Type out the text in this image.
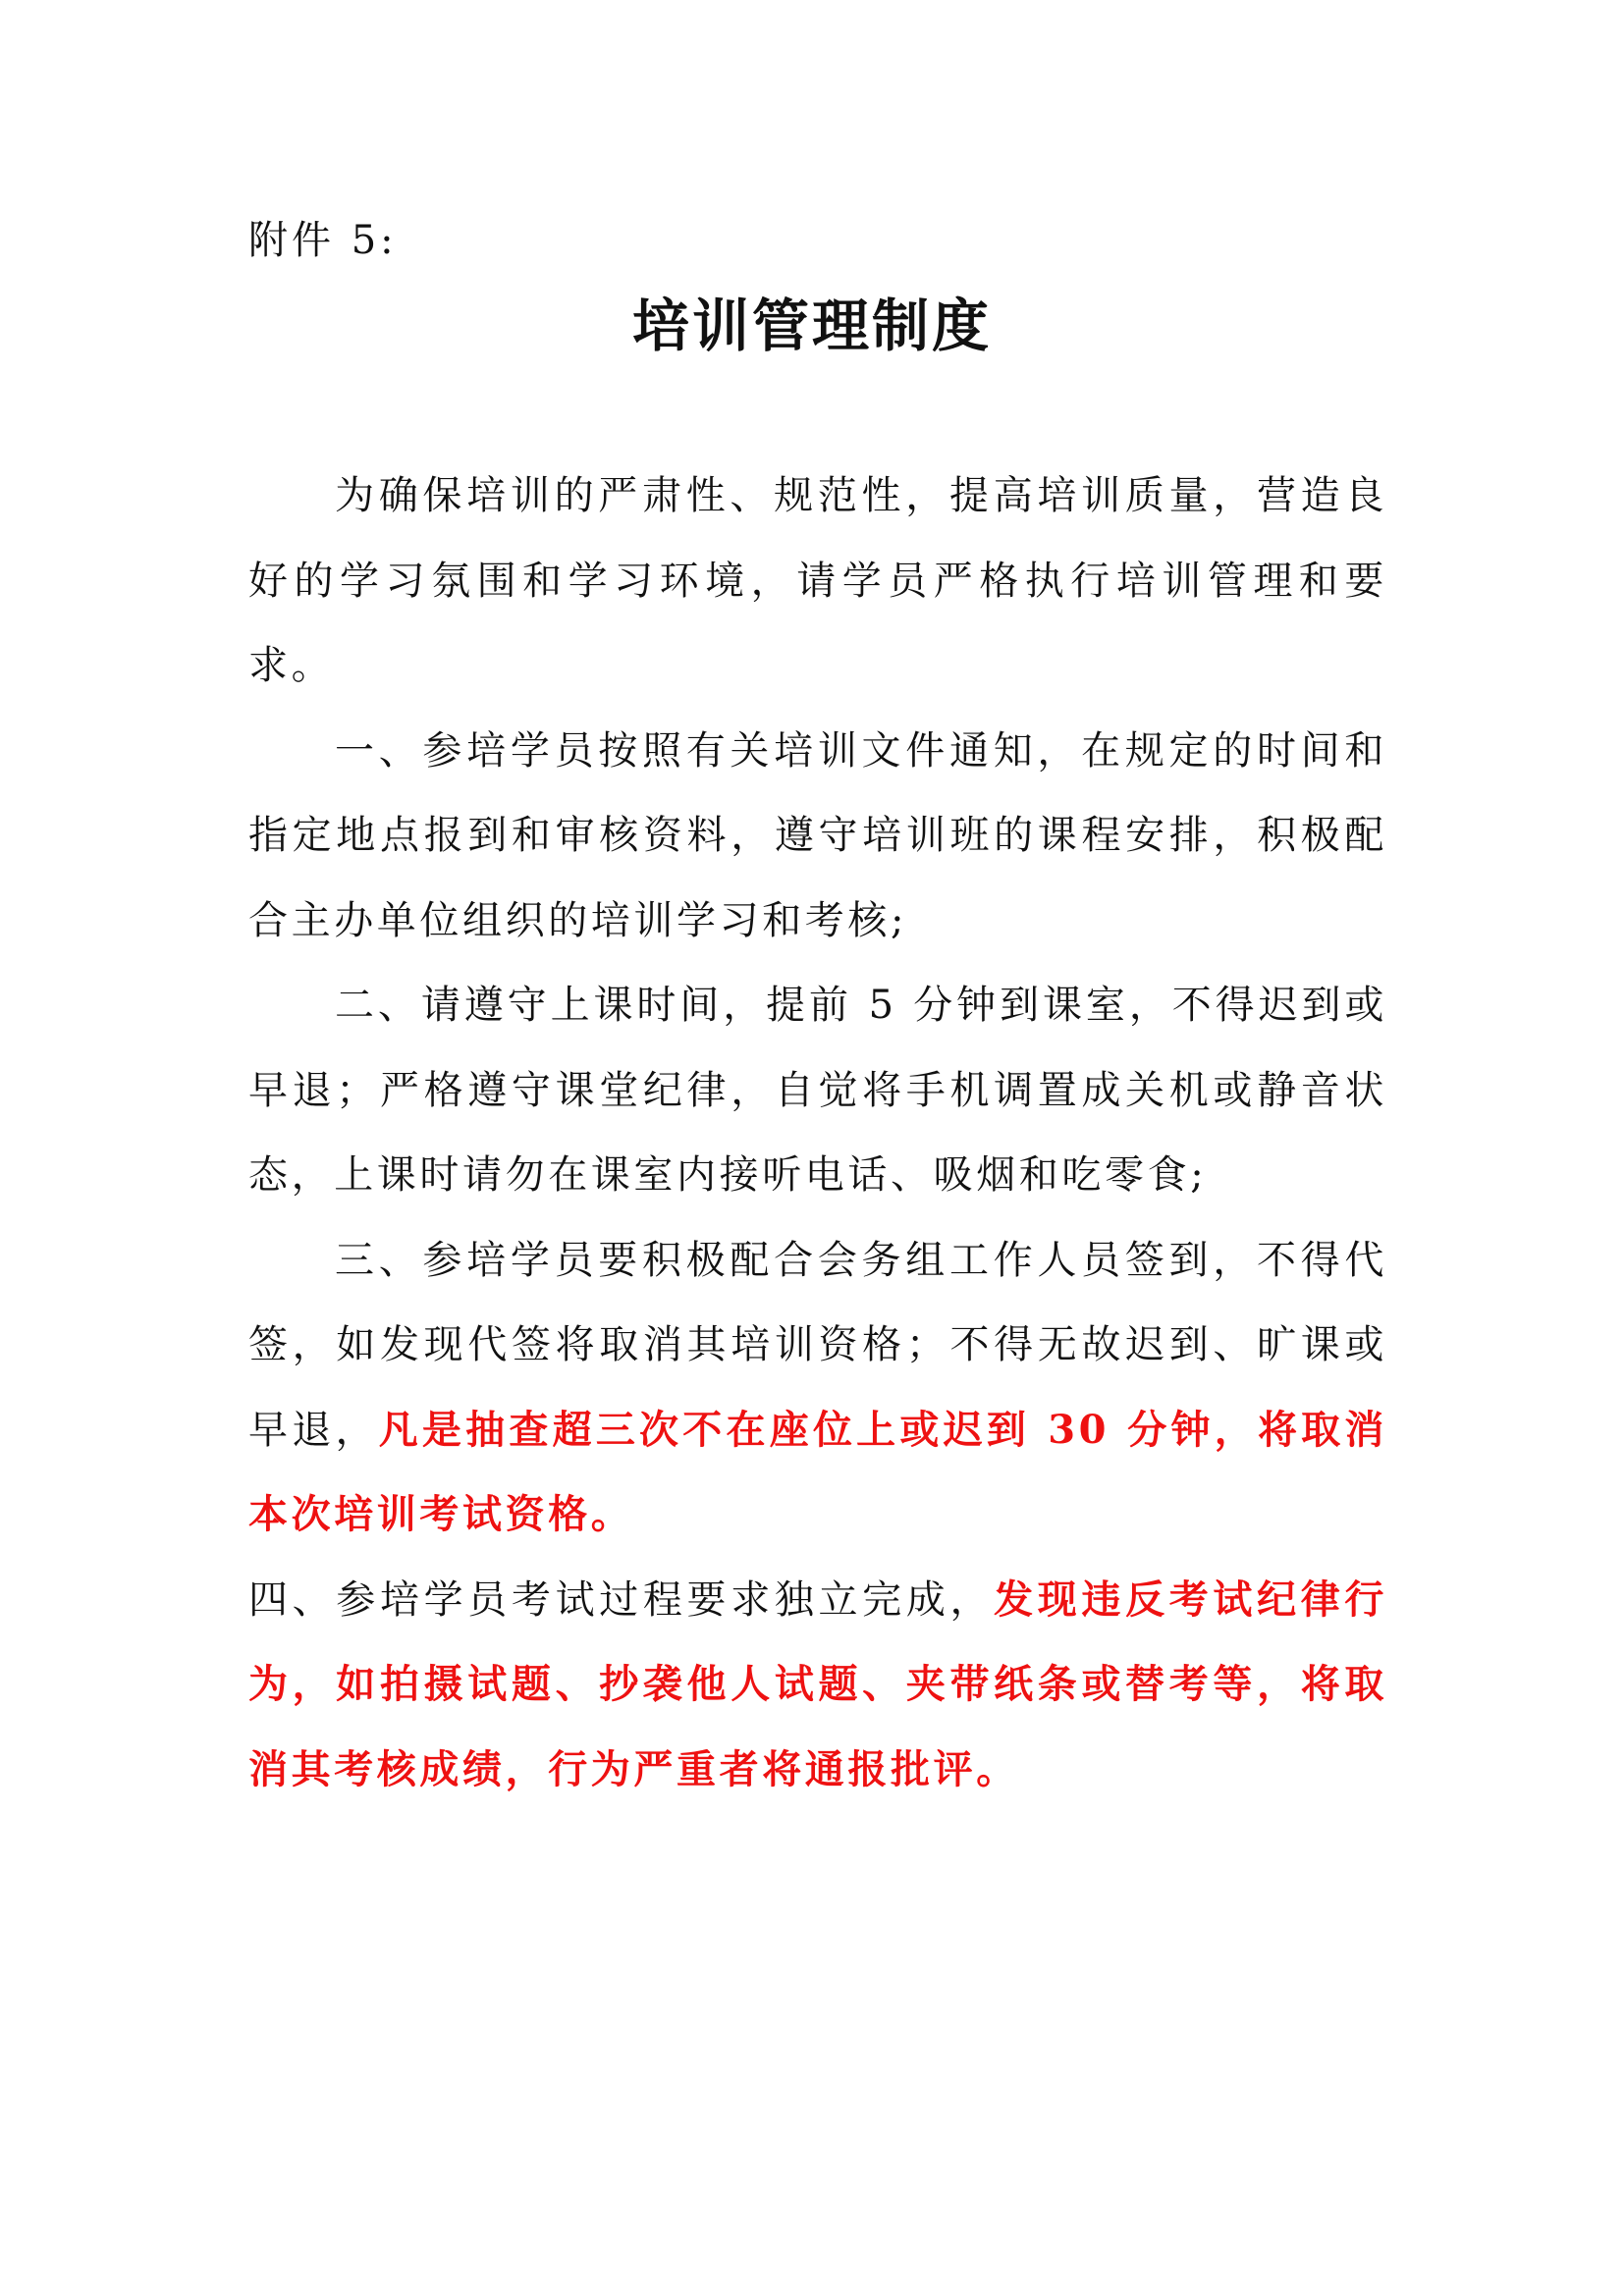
附件 5:
培训管理制度

为确保培训的严肃性、规范性，提高培训质量，营造良好的学习氛围和学习环境，请学员严格执行培训管理和要求。

一、参培学员按照有关培训文件通知，在规定的时间和指定地点报到和审核资料，遵守培训班的课程安排，积极配合主办单位组织的培训学习和考核;

二、请遵守上课时间，提前 5 分钟到课室，不得迟到或早退；严格遵守课堂纪律，自觉将手机调置成关机或静音状态，上课时请勿在课室内接听电话、吸烟和吃零食;

三、参培学员要积极配合会务组工作人员签到，不得代签，如发现代签将取消其培训资格；不得无故迟到、旷课或早退，凡是抽查超三次不在座位上或迟到 30 分钟，将取消本次培训考试资格。

四、参培学员考试过程要求独立完成，发现违反考试纪律行为，如拍摄试题、抄袭他人试题、夹带纸条或替考等，将取消其考核成绩，行为严重者将通报批评。
